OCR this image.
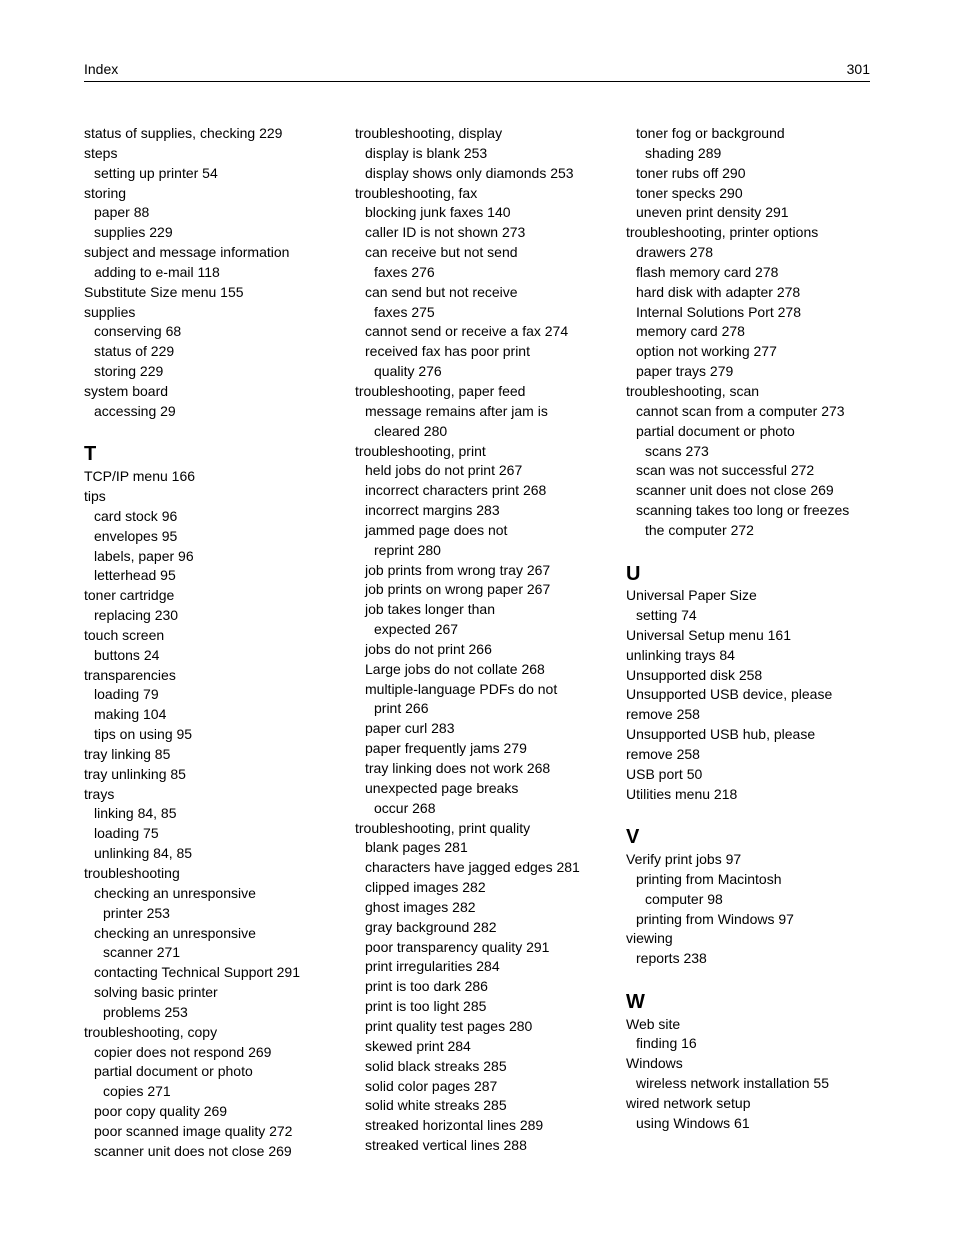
Index	301
status of supplies, checking 229
steps
setting up printer 54
storing
paper 88
supplies 229
subject and message information
adding to e-mail 118
Substitute Size menu 155
supplies
conserving 68
status of 229
storing 229
system board
accessing 29
T
TCP/IP menu 166
tips
card stock 96
envelopes 95
labels, paper 96
letterhead 95
toner cartridge
replacing 230
touch screen
buttons 24
transparencies
loading 79
making 104
tips on using 95
tray linking 85
tray unlinking 85
trays
linking 84, 85
loading 75
unlinking 84, 85
troubleshooting
checking an unresponsive
printer 253
checking an unresponsive
scanner 271
contacting Technical Support 291
solving basic printer
problems 253
troubleshooting, copy
copier does not respond 269
partial document or photo
copies 271
poor copy quality 269
poor scanned image quality 272
scanner unit does not close 269
troubleshooting, display
display is blank 253
display shows only diamonds 253
troubleshooting, fax
blocking junk faxes 140
caller ID is not shown 273
can receive but not send
faxes 276
can send but not receive
faxes 275
cannot send or receive a fax 274
received fax has poor print
quality 276
troubleshooting, paper feed
message remains after jam is
cleared 280
troubleshooting, print
held jobs do not print 267
incorrect characters print 268
incorrect margins 283
jammed page does not
reprint 280
job prints from wrong tray 267
job prints on wrong paper 267
job takes longer than
expected 267
jobs do not print 266
Large jobs do not collate 268
multiple-language PDFs do not
print 266
paper curl 283
paper frequently jams 279
tray linking does not work 268
unexpected page breaks
occur 268
troubleshooting, print quality
blank pages 281
characters have jagged edges 281
clipped images 282
ghost images 282
gray background 282
poor transparency quality 291
print irregularities 284
print is too dark 286
print is too light 285
print quality test pages 280
skewed print 284
solid black streaks 285
solid color pages 287
solid white streaks 285
streaked horizontal lines 289
streaked vertical lines 288
toner fog or background
shading 289
toner rubs off 290
toner specks 290
uneven print density 291
troubleshooting, printer options
drawers 278
flash memory card 278
hard disk with adapter 278
Internal Solutions Port 278
memory card 278
option not working 277
paper trays 279
troubleshooting, scan
cannot scan from a computer 273
partial document or photo
scans 273
scan was not successful 272
scanner unit does not close 269
scanning takes too long or freezes
the computer 272
U
Universal Paper Size
setting 74
Universal Setup menu 161
unlinking trays 84
Unsupported disk 258
Unsupported USB device, please
remove 258
Unsupported USB hub, please
remove 258
USB port 50
Utilities menu 218
V
Verify print jobs 97
printing from Macintosh
computer 98
printing from Windows 97
viewing
reports 238
W
Web site
finding 16
Windows
wireless network installation 55
wired network setup
using Windows 61
